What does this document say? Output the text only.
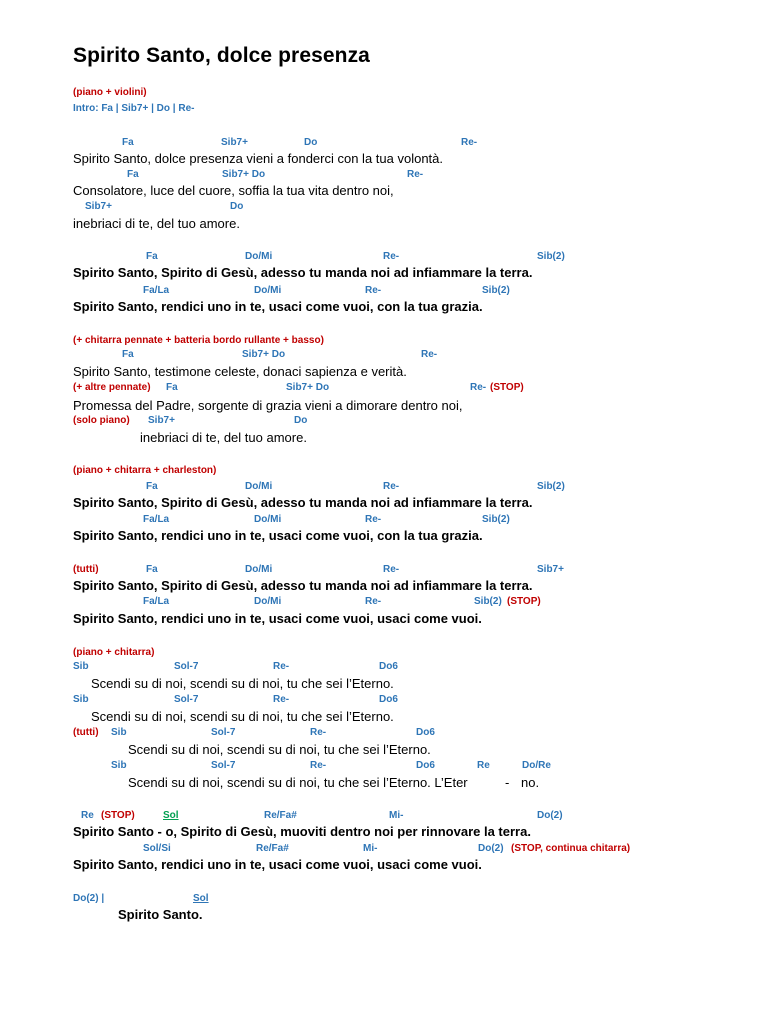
Spirito Santo, dolce presenza
(piano + violini)
Intro: Fa | Sib7+ | Do | Re-
Fa	Sib7+	Do	Re-
Spirito Santo, dolce presenza vieni a fonderci con la tua volontà.
Fa	Sib7+ Do	Re-
Consolatore, luce del cuore, soffia la tua vita dentro noi,
Sib7+	Do
inebriaci di te, del tuo amore.
Fa	Do/Mi	Re-	Sib(2)
Spirito Santo, Spirito di Gesù, adesso tu manda noi ad infiammare la terra.
Fa/La	Do/Mi	Re-	Sib(2)
Spirito Santo, rendici uno in te, usaci come vuoi, con la tua grazia.
(+ chitarra pennate + batteria bordo rullante + basso)
Fa	Sib7+ Do	Re-
Spirito Santo, testimone celeste, donaci sapienza e verità.
(+ altre pennate) Fa	Sib7+ Do	Re- (STOP)
Promessa del Padre, sorgente di grazia vieni a dimorare dentro noi,
(solo piano) Sib7+	Do
inebriaci di te, del tuo amore.
(piano + chitarra + charleston)
Fa	Do/Mi	Re-	Sib(2)
Spirito Santo, Spirito di Gesù, adesso tu manda noi ad infiammare la terra.
Fa/La	Do/Mi	Re-	Sib(2)
Spirito Santo, rendici uno in te, usaci come vuoi, con la tua grazia.
(tutti)	Fa	Do/Mi	Re-	Sib7+
Spirito Santo, Spirito di Gesù, adesso tu manda noi ad infiammare la terra.
Fa/La	Do/Mi	Re-	Sib(2) (STOP)
Spirito Santo, rendici uno in te, usaci come vuoi, usaci come vuoi.
(piano + chitarra)
Sib	Sol-7	Re-	Do6
Scendi su di noi, scendi su di noi, tu che sei l’Eterno.
Sib	Sol-7	Re-	Do6
Scendi su di noi, scendi su di noi, tu che sei l’Eterno.
(tutti) Sib	Sol-7	Re-	Do6
Scendi su di noi, scendi su di noi, tu che sei l’Eterno.
Sib	Sol-7	Re-	Do6	Re	Do/Re
Scendi su di noi, scendi su di noi, tu che sei l’Eterno. L’Eter	- no.
Re (STOP)	Sol	Re/Fa#	Mi-	Do(2)
Spirito Santo - o, Spirito di Gesù, muoviti dentro noi per rinnovare la terra.
Sol/Si	Re/Fa#	Mi-	Do(2) (STOP, continua chitarra)
Spirito Santo, rendici uno in te, usaci come vuoi, usaci come vuoi.
Do(2) |	Sol
Spirito Santo.
